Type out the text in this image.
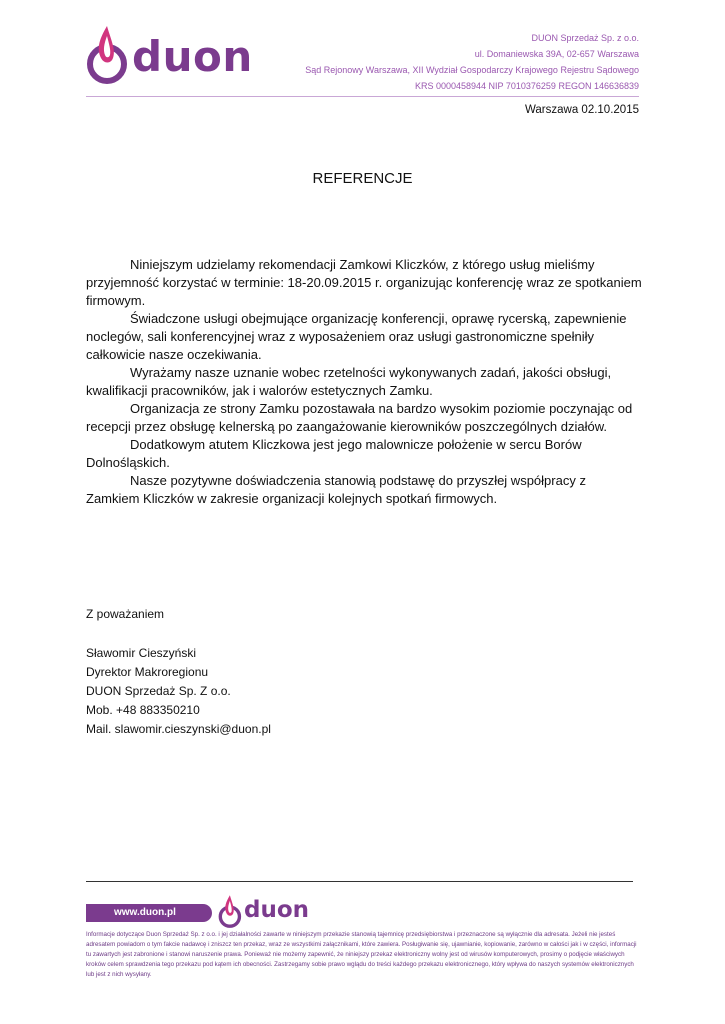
duon	DUON Sprzedaż Sp. z o.o.
ul. Domaniewska 39A, 02-657 Warszawa
Sąd Rejonowy Warszawa, XII Wydział Gospodarczy Krajowego Rejestru Sądowego
KRS 0000458944 NIP 7010376259 REGON 146636839
Warszawa 02.10.2015
REFERENCJE

Niniejszym udzielamy rekomendacji Zamkowi Kliczków, z którego usług mieliśmy przyjemność korzystać w terminie: 18-20.09.2015 r. organizując konferencję wraz ze spotkaniem firmowym.

Świadczone usługi obejmujące organizację konferencji, oprawę rycerską, zapewnienie noclegów, sali konferencyjnej wraz z wyposażeniem oraz usługi gastronomiczne spełniły całkowicie nasze oczekiwania.

Wyrażamy nasze uznanie wobec rzetelności wykonywanych zadań, jakości obsługi, kwalifikacji pracowników, jak i walorów estetycznych Zamku.

Organizacja ze strony Zamku pozostawała na bardzo wysokim poziomie poczynając od recepcji przez obsługę kelnerską po zaangażowanie kierowników poszczególnych działów.

Dodatkowym atutem Kliczkowa jest jego malownicze położenie w sercu Borów Dolnośląskich.

Nasze pozytywne doświadczenia stanowią podstawę do przyszłej współpracy z Zamkiem Kliczków w zakresie organizacji kolejnych spotkań firmowych.

Z poważaniem
Sławomir Cieszyński
Dyrektor Makroregionu
DUON Sprzedaż Sp. Z o.o.
Mob. +48 883350210
Mail. slawomir.cieszynski@duon.pl
www.duon.pl	duon
Informacje dotyczące Duon Sprzedaż Sp. z o.o. i jej działalności zawarte w niniejszym przekazie stanowią tajemnicę przedsiębiorstwa i przeznaczone są wyłącznie dla adresata. Jeżeli nie jesteś adresatem powiadom o tym fakcie nadawcę i zniszcz ten przekaz, wraz ze wszystkimi załącznikami, które zawiera. Posługiwanie się, ujawnianie, kopiowanie, zarówno w całości jak i w części, informacji tu zawartych jest zabronione i stanowi naruszenie prawa. Ponieważ nie możemy zapewnić, że niniejszy przekaz elektroniczny wolny jest od wirusów komputerowych, prosimy o podjęcie właściwych kroków celem sprawdzenia tego przekazu pod kątem ich obecności. Zastrzegamy sobie prawo wglądu do treści każdego przekazu elektronicznego, który wpływa do naszych systemów elektronicznych lub jest z nich wysyłany.
